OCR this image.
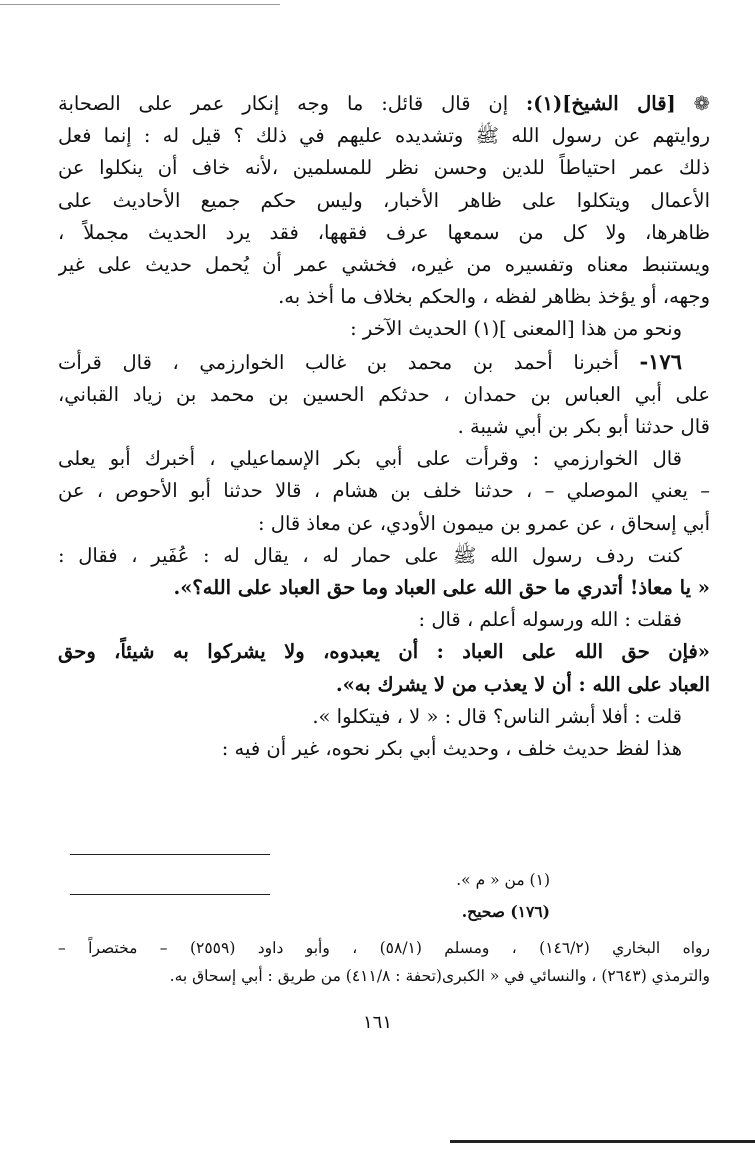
❁ [قال الشيخ](١): إن قال قائل: ما وجه إنكار عمر على الصحابة
روايتهم عن رسول الله ﷺ وتشديده عليهم في ذلك ؟ قيل له : إنما فعل
ذلك عمر احتياطاً للدين وحسن نظر للمسلمين ،لأنه خاف أن ينكلوا عن
الأعمال ويتكلوا على ظاهر الأخبار، وليس حكم جميع الأحاديث على
ظاهرها، ولا كل من سمعها عرف فقهها، فقد يرد الحديث مجملاً ،
ويستنبط معناه وتفسيره من غيره، فخشي عمر أن يُحمل حديث على غير
وجهه، أو يؤخذ بظاهر لفظه ، والحكم بخلاف ما أخذ به.
ونحو من هذا [المعنى ](١) الحديث الآخر :
١٧٦- أخبرنا أحمد بن محمد بن غالب الخوارزمي ، قال قرأت
على أبي العباس بن حمدان ، حدثكم الحسين بن محمد بن زياد القباني،
قال حدثنا أبو بكر بن أبي شيبة .
قال الخوارزمي : وقرأت على أبي بكر الإسماعيلي ، أخبرك أبو يعلى
– يعني الموصلي – ، حدثنا خلف بن هشام ، قالا حدثنا أبو الأحوص ، عن
أبي إسحاق ، عن عمرو بن ميمون الأودي، عن معاذ قال :
كنت ردف رسول الله ﷺ على حمار له ، يقال له : عُفَير ، فقال :
« يا معاذ! أتدري ما حق الله على العباد وما حق العباد على الله؟».
فقلت : الله ورسوله أعلم ، قال :
«فإن حق الله على العباد : أن يعبدوه، ولا يشركوا به شيئاً، وحق
العباد على الله : أن لا يعذب من لا يشرك به».
قلت : أفلا أبشر الناس؟ قال : « لا ، فيتكلوا ».
هذا لفظ حديث خلف ، وحديث أبي بكر نحوه، غير أن فيه :
(١) من « م ».
(١٧٦) صحيح.
رواه البخاري (١٤٦/٢) ، ومسلم (٥٨/١) ، وأبو داود (٢٥٥٩) – مختصراً –
والترمذي (٢٦٤٣) ، والنسائي في « الكبرى(تحفة : ٤١١/٨) من طريق : أبي إسحاق به.
١٦١
